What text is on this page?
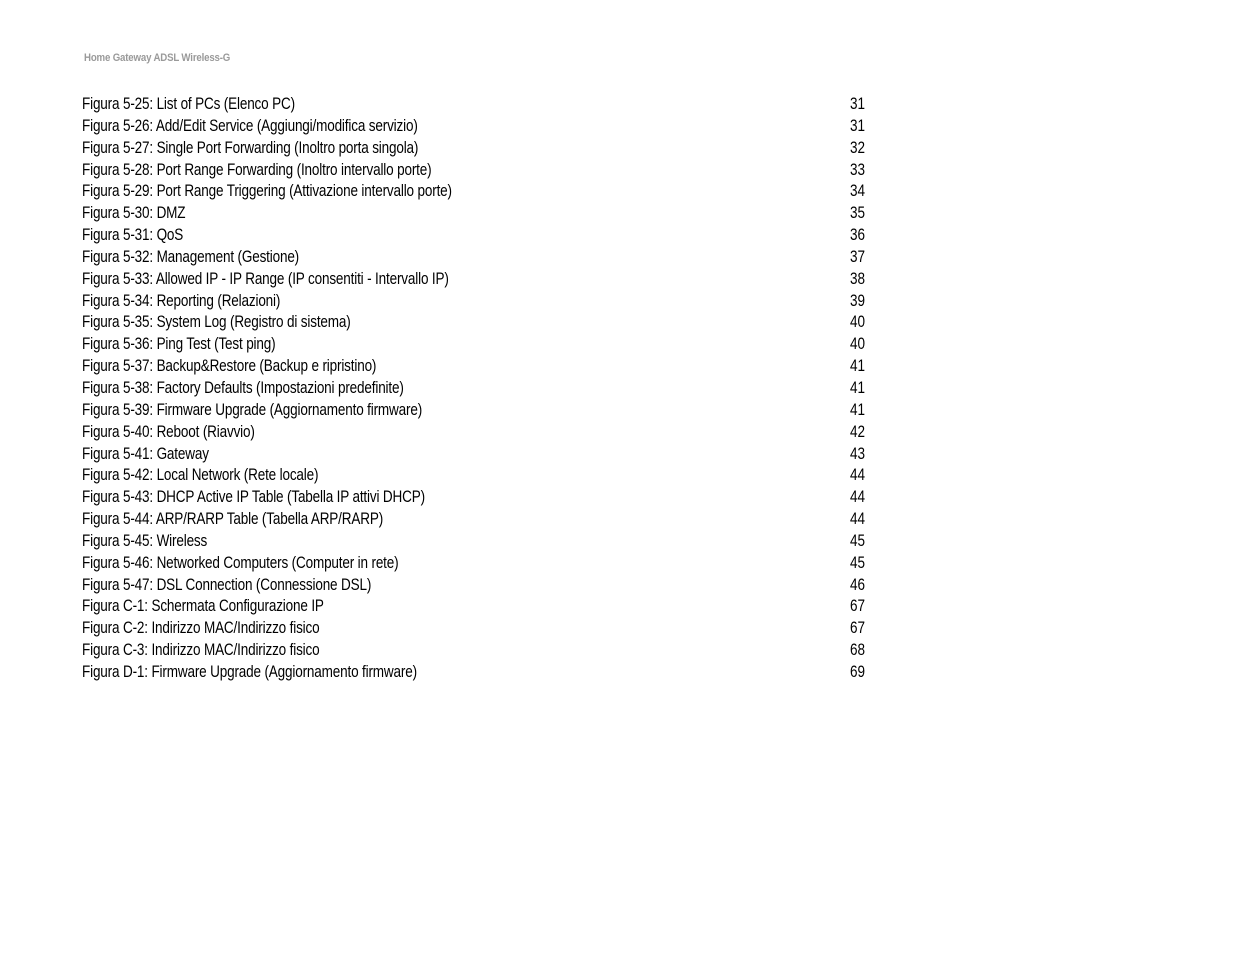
Home Gateway ADSL Wireless-G
Figura 5-25: List of PCs (Elenco PC)	31
Figura 5-26: Add/Edit Service (Aggiungi/modifica servizio)	31
Figura 5-27: Single Port Forwarding (Inoltro porta singola)	32
Figura 5-28: Port Range Forwarding (Inoltro intervallo porte)	33
Figura 5-29: Port Range Triggering (Attivazione intervallo porte)	34
Figura 5-30: DMZ	35
Figura 5-31: QoS	36
Figura 5-32: Management (Gestione)	37
Figura 5-33: Allowed IP - IP Range (IP consentiti - Intervallo IP)	38
Figura 5-34: Reporting (Relazioni)	39
Figura 5-35: System Log (Registro di sistema)	40
Figura 5-36: Ping Test (Test ping)	40
Figura 5-37: Backup&Restore (Backup e ripristino)	41
Figura 5-38: Factory Defaults (Impostazioni predefinite)	41
Figura 5-39: Firmware Upgrade (Aggiornamento firmware)	41
Figura 5-40: Reboot (Riavvio)	42
Figura 5-41: Gateway	43
Figura 5-42: Local Network (Rete locale)	44
Figura 5-43: DHCP Active IP Table (Tabella IP attivi DHCP)	44
Figura 5-44: ARP/RARP Table (Tabella ARP/RARP)	44
Figura 5-45: Wireless	45
Figura 5-46: Networked Computers (Computer in rete)	45
Figura 5-47: DSL Connection (Connessione DSL)	46
Figura C-1: Schermata Configurazione IP	67
Figura C-2: Indirizzo MAC/Indirizzo fisico	67
Figura C-3: Indirizzo MAC/Indirizzo fisico	68
Figura D-1: Firmware Upgrade (Aggiornamento firmware)	69
